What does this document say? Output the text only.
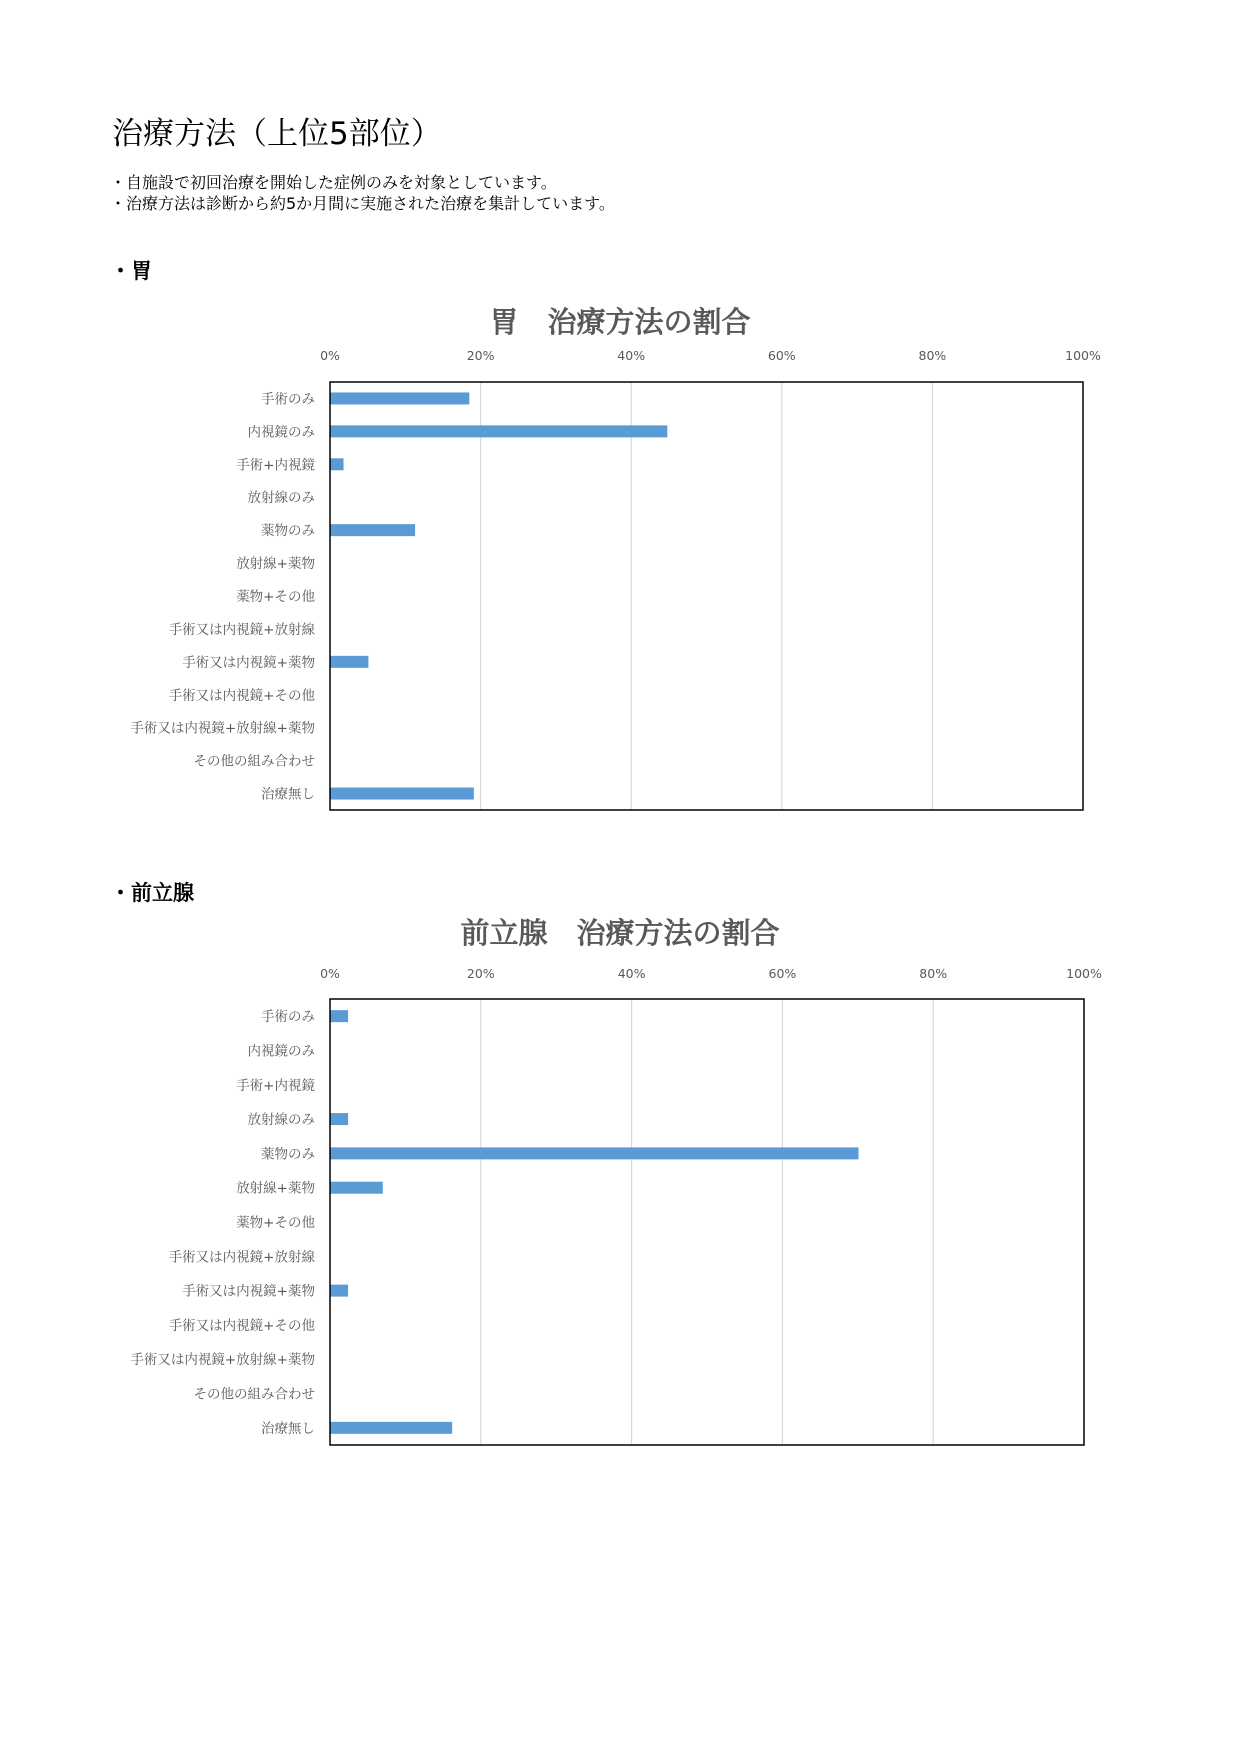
治療方法（上位5部位）
・自施設で初回治療を開始した症例のみを対象としています。
・治療方法は診断から約5か月間に実施された治療を集計しています。
・胃
胃　治療方法の割合
0%	20%	40%	60%	80%	100%
手術のみ
内視鏡のみ
手術+内視鏡
放射線のみ
薬物のみ
放射線+薬物
薬物+その他
手術又は内視鏡+放射線
手術又は内視鏡+薬物
手術又は内視鏡+その他
手術又は内視鏡+放射線+薬物
その他の組み合わせ
治療無し
・前立腺
前立腺　治療方法の割合
0%	20%	40%	60%	80%	100%
手術のみ
内視鏡のみ
手術+内視鏡
放射線のみ
薬物のみ
放射線+薬物
薬物+その他
手術又は内視鏡+放射線
手術又は内視鏡+薬物
手術又は内視鏡+その他
手術又は内視鏡+放射線+薬物
その他の組み合わせ
治療無し
